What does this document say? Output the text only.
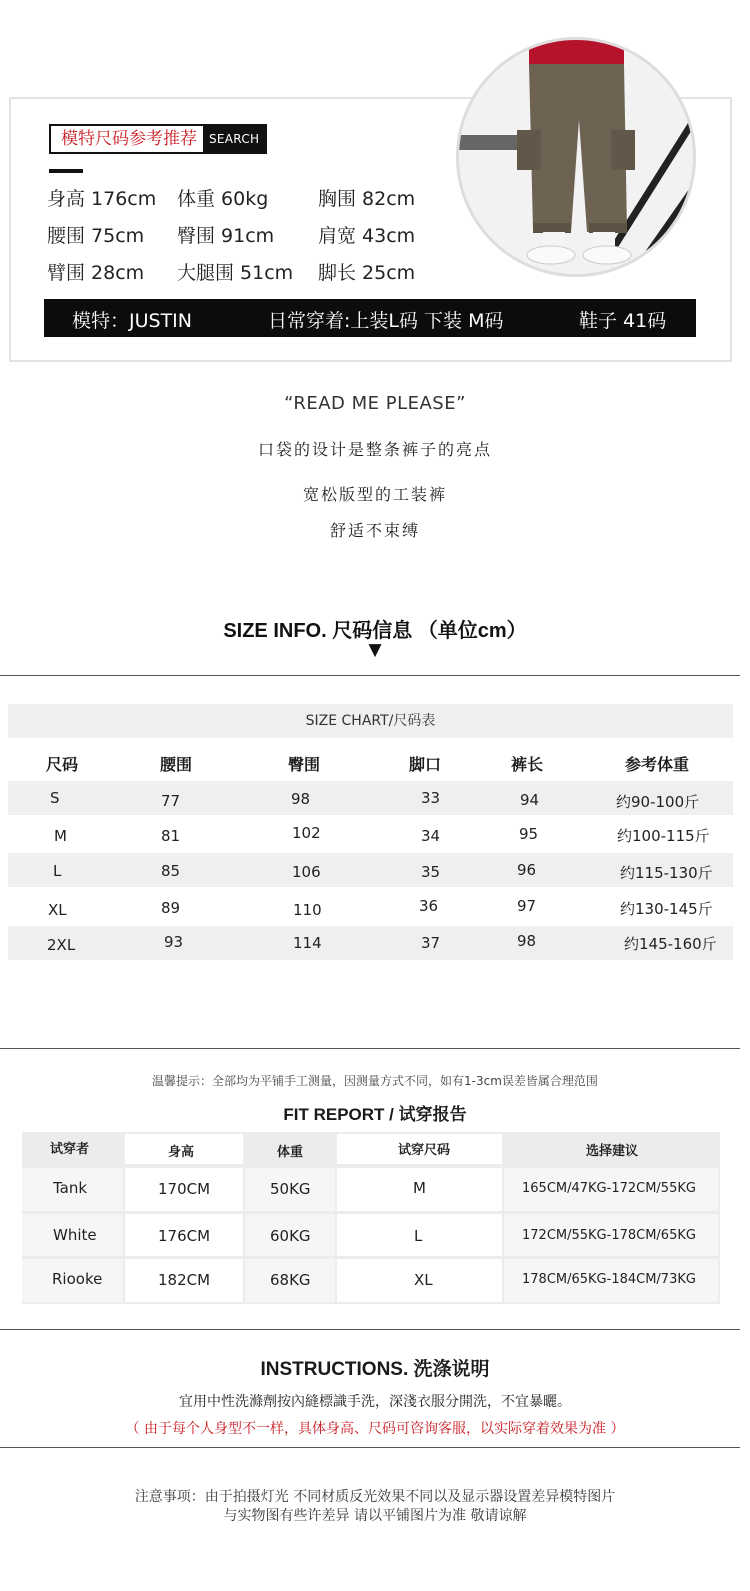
模特尺码参考推荐	SEARCH
身高 176cm 体重 60kg	胸围 82cm
腰围 75cm 臀围 91cm 肩宽 43cm
臂围 28cm 大腿围 51cm 脚长 25cm
模特：JUSTIN	日常穿着:上装L码 下装 M码	鞋子 41码
“READ ME PLEASE”
口袋的设计是整条裤子的亮点
宽松版型的工装裤
舒适不束缚
SIZE INFO. 尺码信息 （单位cm）
▼
SIZE CHART/尺码表
尺码	腰围	臀围	脚口	裤长	参考体重
S	77	98	33	94	约90-100斤
M	81	102	34	95	约100-115斤
L	85	106	35	96	约115-130斤
XL	89	110	36	97	约130-145斤
2XL	93	114	37	98	约145-160斤
温馨提示：全部均为平铺手工测量，因测量方式不同，如有1-3cm误差皆属合理范围
FIT REPORT / 试穿报告
试穿者	身高	体重	试穿尺码	选择建议
Tank	170CM	50KG	M	165CM/47KG-172CM/55KG
White	176CM	60KG	L	172CM/55KG-178CM/65KG
Riooke	182CM	68KG	XL	178CM/65KG-184CM/73KG
INSTRUCTIONS. 洗涤说明
宜用中性洗滌劑按內縫標識手洗，深淺衣服分開洗，不宜暴曬。
（ 由于每个人身型不一样，具体身高、尺码可咨询客服，以实际穿着效果为准 ）
注意事项：由于拍摄灯光 不同材质反光效果不同以及显示器设置差异模特图片
与实物图有些许差异 请以平铺图片为准 敬请谅解
